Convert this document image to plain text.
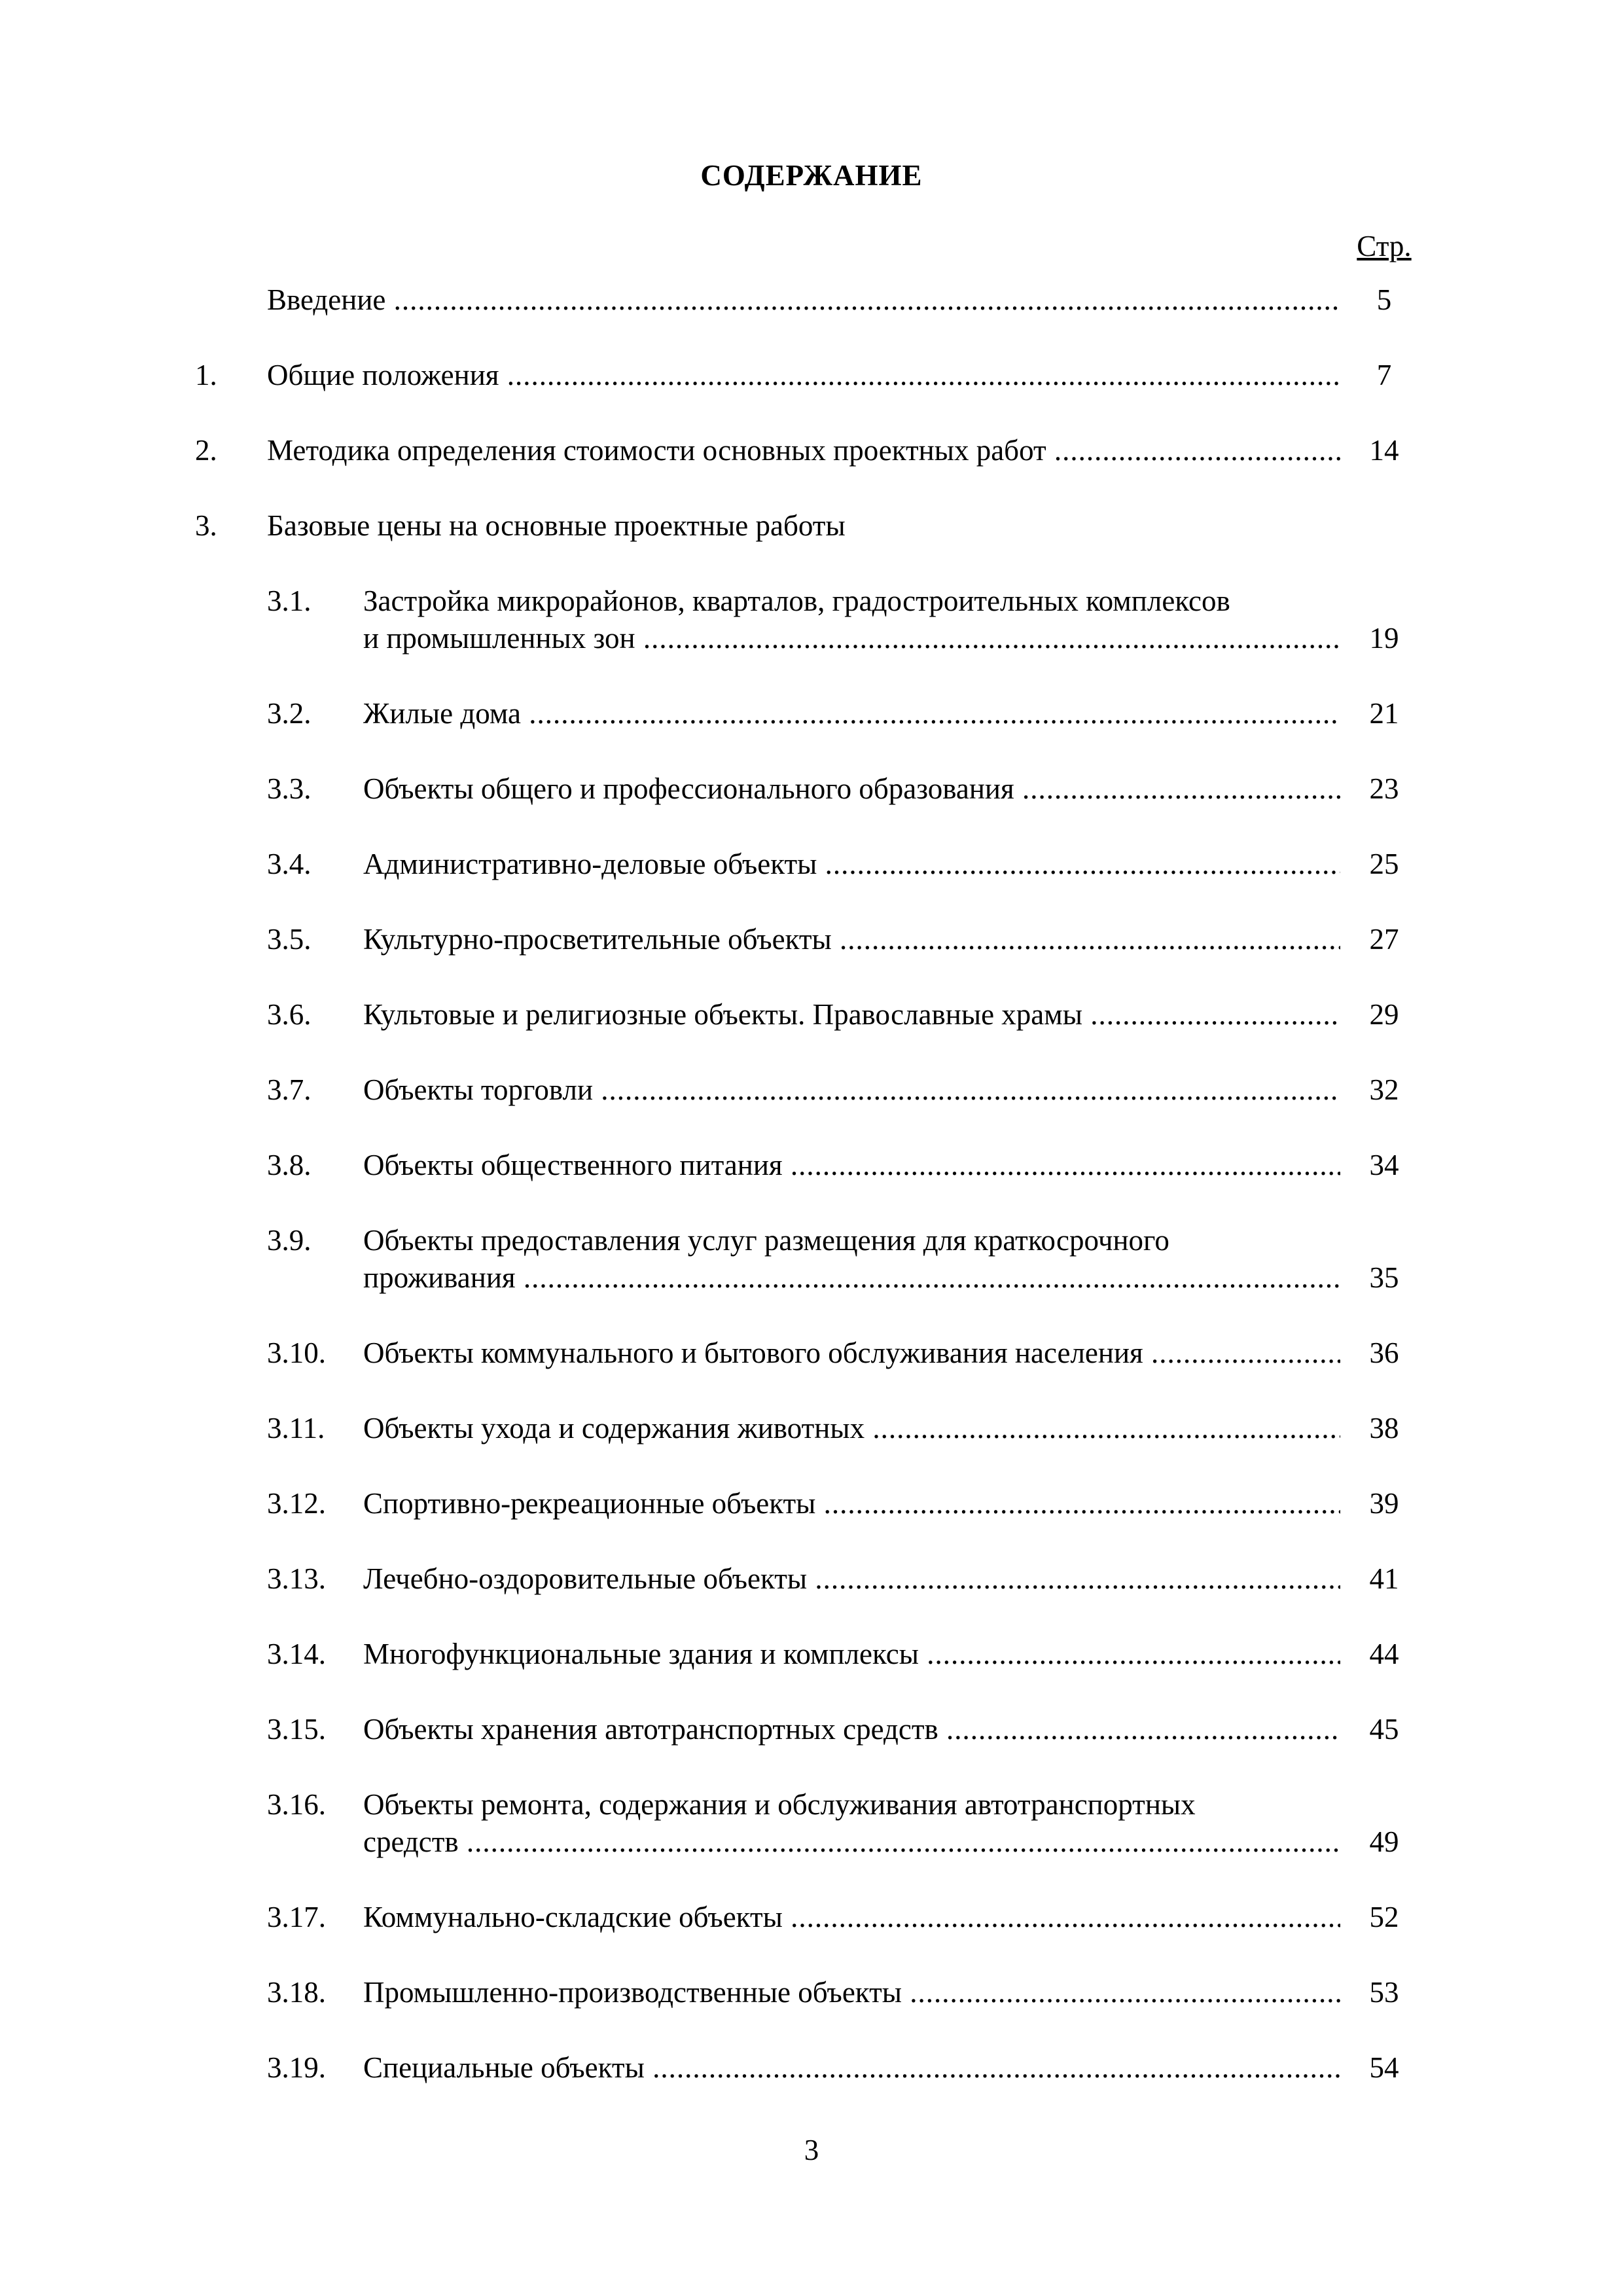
СОДЕРЖАНИЕ
Стр.
Введение .....	5
1. Общие положения .....	7
2. Методика определения стоимости основных проектных работ .....	14
3. Базовые цены на основные проектные работы
3.1. Застройка микрорайонов, кварталов, градостроительных комплексов
и промышленных зон .....	19
3.2. Жилые дома .....	21
3.3. Объекты общего и профессионального образования .....	23
3.4. Административно-деловые объекты .....	25
3.5. Культурно-просветительные объекты .....	27
3.6. Культовые и религиозные объекты. Православные храмы .....	29
3.7. Объекты торговли .....	32
3.8. Объекты общественного питания .....	34
3.9. Объекты предоставления услуг размещения для краткосрочного
проживания .....	35
3.10. Объекты коммунального и бытового обслуживания населения .....	36
3.11. Объекты ухода и содержания животных .....	38
3.12. Спортивно-рекреационные объекты .....	39
3.13. Лечебно-оздоровительные объекты .....	41
3.14. Многофункциональные здания и комплексы .....	44
3.15. Объекты хранения автотранспортных средств .....	45
3.16. Объекты ремонта, содержания и обслуживания автотранспортных
средств .....	49
3.17. Коммунально-складские объекты .....	52
3.18. Промышленно-производственные объекты .....	53
3.19. Специальные объекты .....	54
3
